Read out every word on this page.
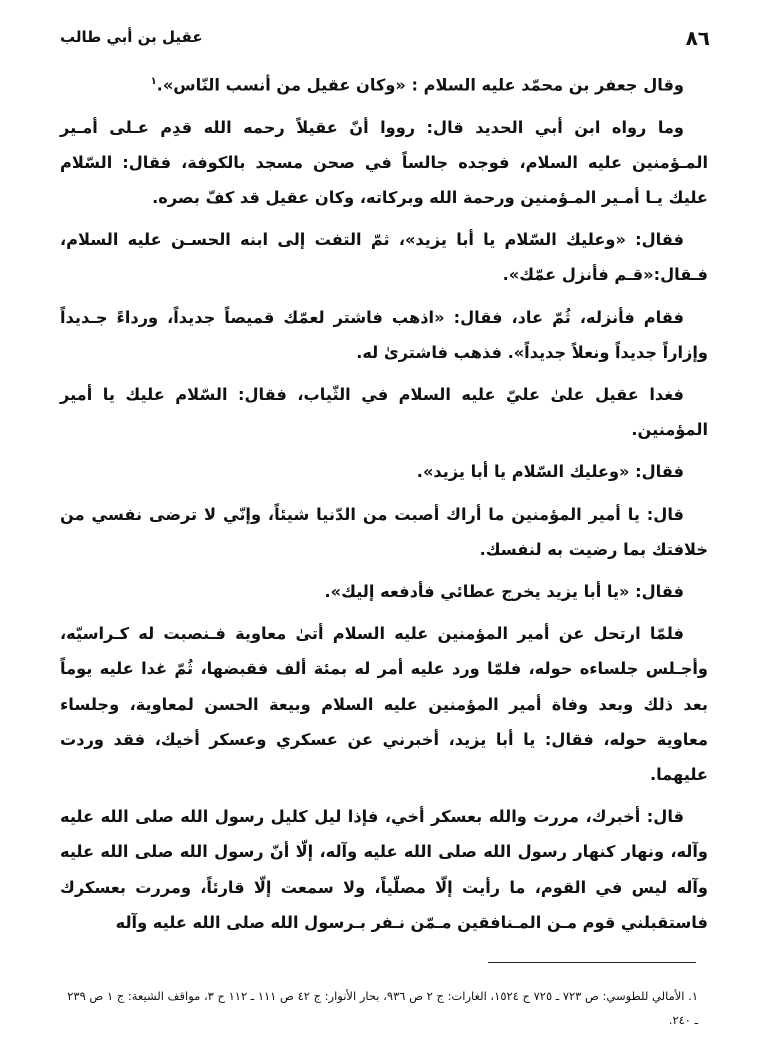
٨٦
عقيل بن أبي طالب

وقال جعفر بن محمّد عليه السلام : «وكان عقيل من أنسب النّاس».$^١$

وما رواه ابن أبي الحديد قال: رووا أنّ عقيلاً رحمه الله قدِم عـلى أمـير المـؤمنين عليه السلام، فوجده جالساً في صحن مسجد بالكوفة، فقال: السّلام عليك يـا أمـير المـؤمنين ورحمة الله وبركاته، وكان عقيل قد كفّ بصره.

فقال: «وعليك السّلام يا أبا يزيد»، ثمّ التفت إلى ابنه الحسـن عليه السلام، فـقال:«قـم فأنزل عمّك».

فقام فأنزله، ثُمّ عاد، فقال: «اذهب فاشتر لعمّك قميصاً جديداً، ورداءً جـديداً وإزاراً جديداً ونعلاً جديداً». فذهب فاشترىٰ له.

فغدا عقيل علىٰ عليّ عليه السلام في الثّياب، فقال: السّلام عليك يا أمير المؤمنين.

فقال: «وعليك السّلام يا أبا يزيد».

قال: يا أمير المؤمنين ما أراك أصبت من الدّنيا شيئاً، وإنّي لا ترضى نفسي من خلافتك بما رضيت به لنفسك.

فقال: «يا أبا يزيد يخرج عطائي فأدفعه إليك».

فلمّا ارتحل عن أمير المؤمنين عليه السلام أتىٰ معاوية فـنصبت له كـراسيّه، وأجـلس جلساءه حوله، فلمّا ورد عليه أمر له بمئة ألف فقبضها، ثُمّ غدا عليه يوماً بعد ذلك وبعد وفاة أمير المؤمنين عليه السلام وبيعة الحسن لمعاوية، وجلساء معاوية حوله، فقال: يا أبا يزيد، أخبرني عن عسكري وعسكر أخيك، فقد وردت عليهما.

قال: أخبرك، مررت والله بعسكر أخي، فإذا ليل كليل رسول الله صلى الله عليه وآله، ونهار كنهار رسول الله صلى الله عليه وآله، إلّا أنّ رسول الله صلى الله عليه وآله ليس في القوم، ما رأيت إلّا مصلّياً، ولا سمعت إلّا قارئاً، ومررت بعسكرك فاستقبلني قوم مـن المـنافقين مـمّن نـفر بـرسول الله صلى الله عليه وآله

١. الأمالي للطوسي: ص ٧٢٣ ـ ٧٢٥ ح ١٥٢٤، الغارات: ج ٢ ص ٩٣٦، بحار الأنوار: ج ٤٢ ص ١١١ ـ ١١٢ ح ٣، مواقف الشيعة: ج ١ ص ٢٣٩ ـ ٢٤٠.
